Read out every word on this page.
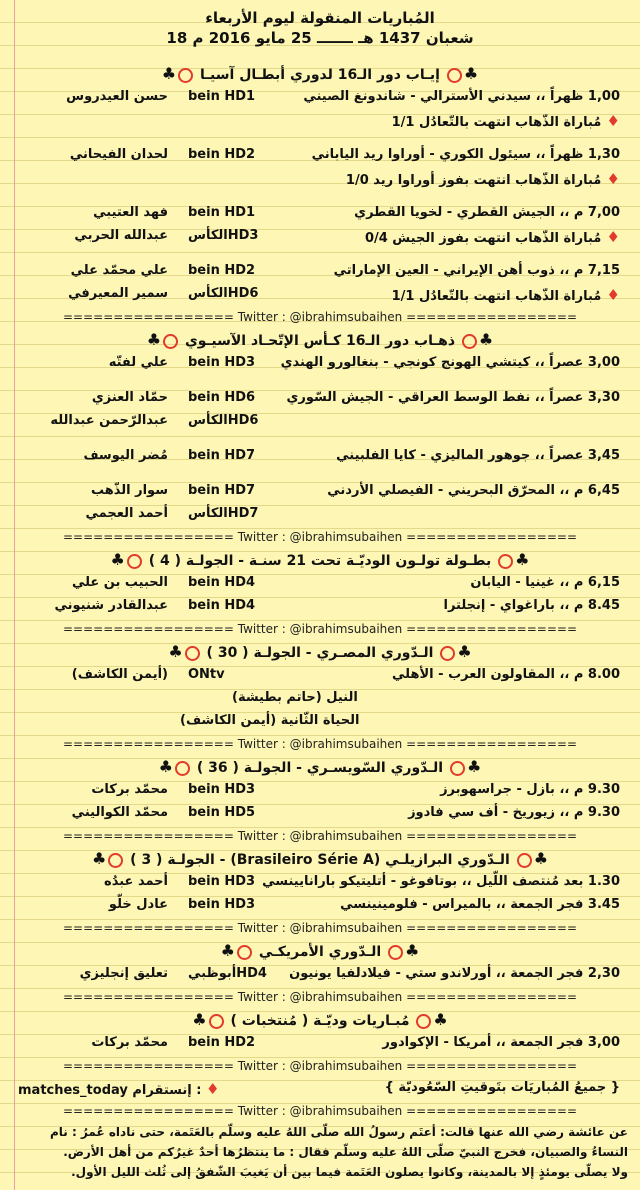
المُباريات المنقولة ليوم الأربعاء
18 شعبان 1437 هـ ـــــــ 25 مايو 2016 م
♣ إيـاب دور الـ16 لدوري أبطـال آسيـا ♣
1,00 ظهراً ،، سيدني الأسترالي - شاندونغ الصيني
bein HD1
حسن العيدروس
♦ مُباراة الذّهاب انتهت بالتّعادُل 1/1
1,30 ظهراً ،، سيئول الكوري - أوراوا ريد الياباني
bein HD2
لحدان الفيحاني
♦ مُباراة الذّهاب انتهت بفوز أوراوا ريد 1/0
7,00 م ،، الجيش القطري - لخويا القطري
bein HD1
فهد العتيبي
♦ مُباراة الذّهاب انتهت بفوز الجيش 0/4
الكأسHD3
عبدالله الحربي
7,15 م ،، ذوب أهن الإيراني - العين الإماراتي
bein HD2
علي محمّد علي
♦ مُباراة الذّهاب انتهت بالتّعادُل 1/1
الكأسHD6
سمير المعيرفي
================= Twitter : @ibrahimsubaihen =================
♣ ذهـاب دور الـ16 كـأس الإتّحـاد الآسيـوي ♣
3,00 عصراً ،، كيتشي الهونج كونجي - بنغالورو الهندي
bein HD3
علي لفتّه
3,30 عصراً ،، نفط الوسط العراقي - الجيش السّوري
bein HD6
حمّاد العنزي
الكأسHD6
عبدالرّحمن عبدالله
3,45 عصراً ،، جوهور الماليزي - كايا الفلبيني
bein HD7
مُضر اليوسف
6,45 م ،، المحرّق البحريني - الفيصلي الأردني
bein HD7
سوار الذّهب
الكأسHD7
أحمد العجمي
================= Twitter : @ibrahimsubaihen =================
♣ بطـولة تولـون الوديّـة تحت 21 سنـة - الجولـة ( 4 ) ♣
6,15 م ،، غينيا - اليابان
bein HD4
الحبيب بن علي
8.45 م ،، باراغواي - إنجلترا
bein HD4
عبدالقادر شنيوني
================= Twitter : @ibrahimsubaihen =================
♣ الـدّوري المصـري - الجولـة ( 30 ) ♣
8.00 م ،، المقاولون العرب - الأهلي
ONtv
(أيمن الكاشف)
النيل (حاتم بطيشة)
الحياة الثّانية (أيمن الكاشف)
================= Twitter : @ibrahimsubaihen =================
♣ الـدّوري السّويسـري - الجولـة ( 36 ) ♣
9.30 م ،، بازل - جراسهوبرز
bein HD3
محمّد بركات
9.30 م ،، زيوريخ - أف سي فادوز
bein HD5
محمّد الكواليني
================= Twitter : @ibrahimsubaihen =================
♣ الـدّوري البرازيلـي (Brasileiro Série A) - الجولـة ( 3 ) ♣
1.30 بعد مُنتصف اللّيل ،، بوتافوغو - أتليتيكو بارانايينسي
bein HD3
أحمد عبدُه
3.45 فجر الجمعة ،، بالميراس - فلومينينسي
bein HD3
عادل خلّو
================= Twitter : @ibrahimsubaihen =================
♣ الـدّوري الأمريكـي ♣
2,30 فجر الجمعة ،، أورلاندو ستي - فيلادلفيا يونيون
أبوظبيHD4
تعليق إنجليزي
================= Twitter : @ibrahimsubaihen =================
♣ مُبـاريات وديّـة ( مُنتخبات ) ♣
3,00 فجر الجمعة ،، أمريكا - الإكوادور
bein HD2
محمّد بركات
================= Twitter : @ibrahimsubaihen =================
{ جميعُ المُباريَات بتَوقيتِ السّعُوديّة }
matches_today إنستقرام : ♦
================= Twitter : @ibrahimsubaihen =================
عن عائشة رضي الله عنها قالت: أعتَم رسولُ الله صلّى اللهُ عليه وسلّم بالعَتَمة، حتى ناداه عُمرُ : نام
النساءُ والصبيان، فخرج النبيّ صلّى اللهُ عليه وسلّم فقال : ما ينتظرُها أحدٌ غيرُكم من أهل الأرض.
ولا يصلّى يومئذٍ إلا بالمدينة، وكانوا يصلون العَتَمة فيما بين أن يَغيبَ الشّفقُ إلى ثُلث الليل الأول.
